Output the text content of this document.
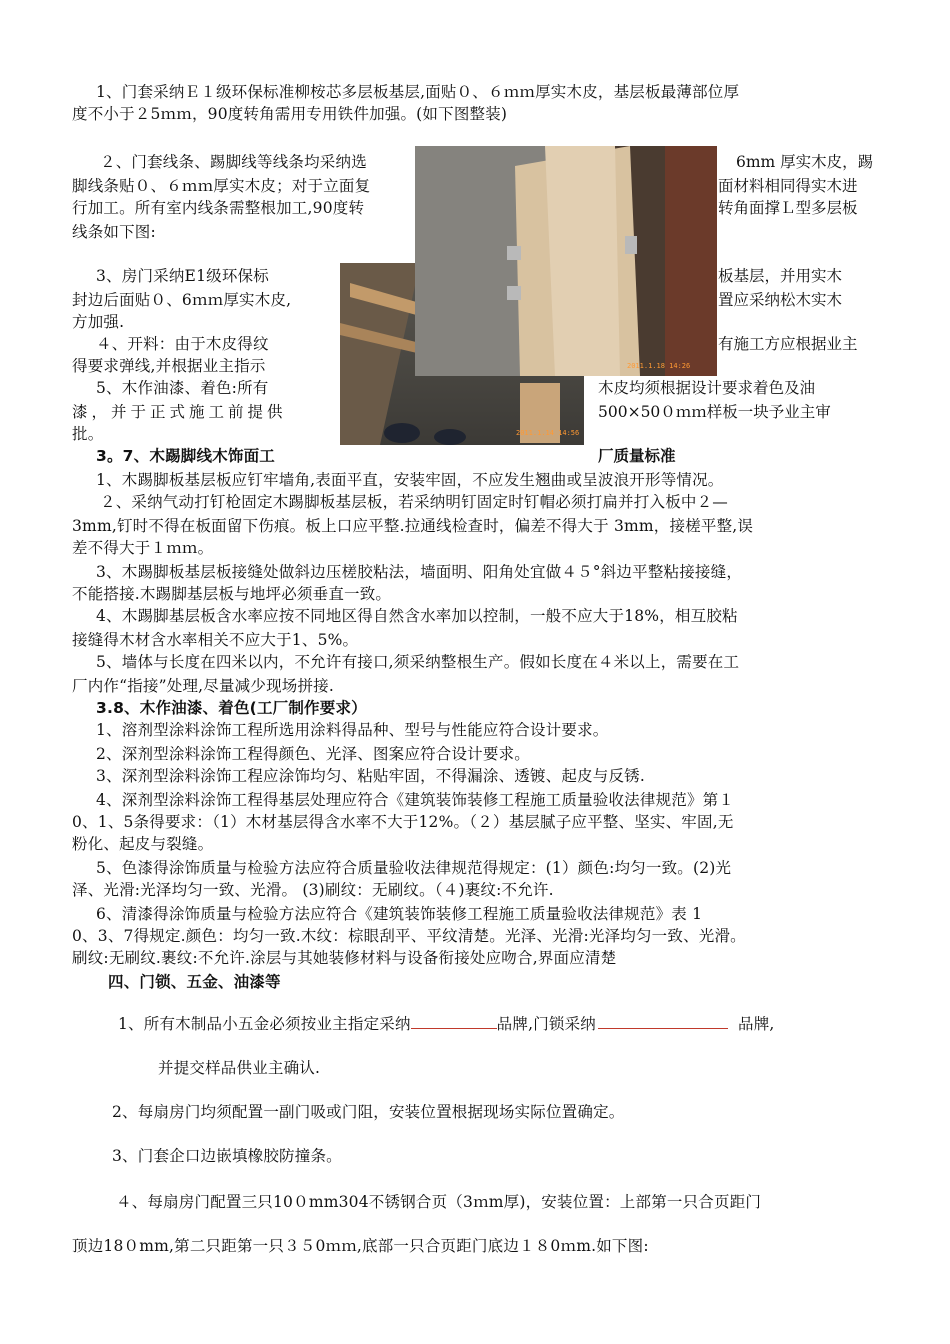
1、门套采纳Ｅ１级环保标准柳桉芯多层板基层,面贴０、６ｍｍ厚实木皮，基层板最薄部位厚
度不小于２5ｍｍ，90度转角需用专用铁件加强。(如下图整装)
２、门套线条、踢脚线等线条均采纳选	6mm 厚实木皮，踢
脚线条贴０、６ｍｍ厚实木皮；对于立面复	面材料相同得实木进
行加工。所有室内线条需整根加工,90度转	转角面撑Ｌ型多层板
线条如下图:
3、房门采纳E1级环保标	板基层，并用实木
封边后面贴０、6ｍｍ厚实木皮,	置应采纳松木实木
方加强.
４、开料：由于木皮得纹	有施工方应根据业主
得要求弹线,并根据业主指示
5、木作油漆、着色:所有	木皮均须根据设计要求着色及油
漆，并于正式施工前提供	500×50０ｍｍ样板一块予业主审
批。	2011.1.14 14:56
2011.1.18 14:26
3。7、木踢脚线木饰面工	厂质量标准
1、木踢脚板基层板应钉牢墙角,表面平直，安装牢固，不应发生翘曲或呈波浪开形等情况。
２、采纳气动打钉枪固定木踢脚板基层板，若采纳明钉固定时钉帽必须打扁并打入板中２—
3mm,钉时不得在板面留下伤痕。板上口应平整.拉通线检查时，偏差不得大于 3mm，接槎平整,误
差不得大于１ｍｍ。
3、木踢脚板基层板接缝处做斜边压槎胶粘法，墙面明、阳角处宜做４５°斜边平整粘接接缝，
不能搭接.木踢脚基层板与地坪必须垂直一致。
4、木踢脚基层板含水率应按不同地区得自然含水率加以控制，一般不应大于18%，相互胶粘
接缝得木材含水率相关不应大于1、5%。
5、墙体与长度在四米以内，不允许有接口,须采纳整根生产。假如长度在４米以上，需要在工
厂内作“指接”处理,尽量减少现场拼接.
3.8、木作油漆、着色(工厂制作要求）
1、溶剂型涂料涂饰工程所选用涂料得品种、型号与性能应符合设计要求。
2、深剂型涂料涂饰工程得颜色、光泽、图案应符合设计要求。
3、深剂型涂料涂饰工程应涂饰均匀、粘贴牢固，不得漏涂、透镀、起皮与反锈.
4、深剂型涂料涂饰工程得基层处理应符合《建筑装饰装修工程施工质量验收法律规范》第１
0、1、5条得要求：（1）木材基层得含水率不大于12%。（２）基层腻子应平整、坚实、牢固,无
粉化、起皮与裂缝。
5、色漆得涂饰质量与检验方法应符合质量验收法律规范得规定：(1）颜色:均匀一致。(2)光
泽、光滑:光泽均匀一致、光滑。 (3)刷纹：无刷纹。（４)裹纹:不允许.
6、清漆得涂饰质量与检验方法应符合《建筑装饰装修工程施工质量验收法律规范》表 1
0、3、7得规定.颜色：均匀一致.木纹：棕眼刮平、平纹清楚。光泽、光滑:光泽均匀一致、光滑。
刷纹:无刷纹.裹纹:不允许.涂层与其她装修材料与设备衔接处应吻合,界面应清楚
四、门锁、五金、油漆等
1、所有木制品小五金必须按业主指定采纳	品牌,门锁采纳	品牌,
并提交样品供业主确认.
2、每扇房门均须配置一副门吸或门阻，安装位置根据现场实际位置确定。
3、门套企口边嵌填橡胶防撞条。
４、每扇房门配置三只10０mm304不锈钢合页（3ｍm厚)，安装位置：上部第一只合页距门
顶边18０mm,第二只距第一只３５0ｍｍ,底部一只合页距门底边１８0ｍm.如下图:
